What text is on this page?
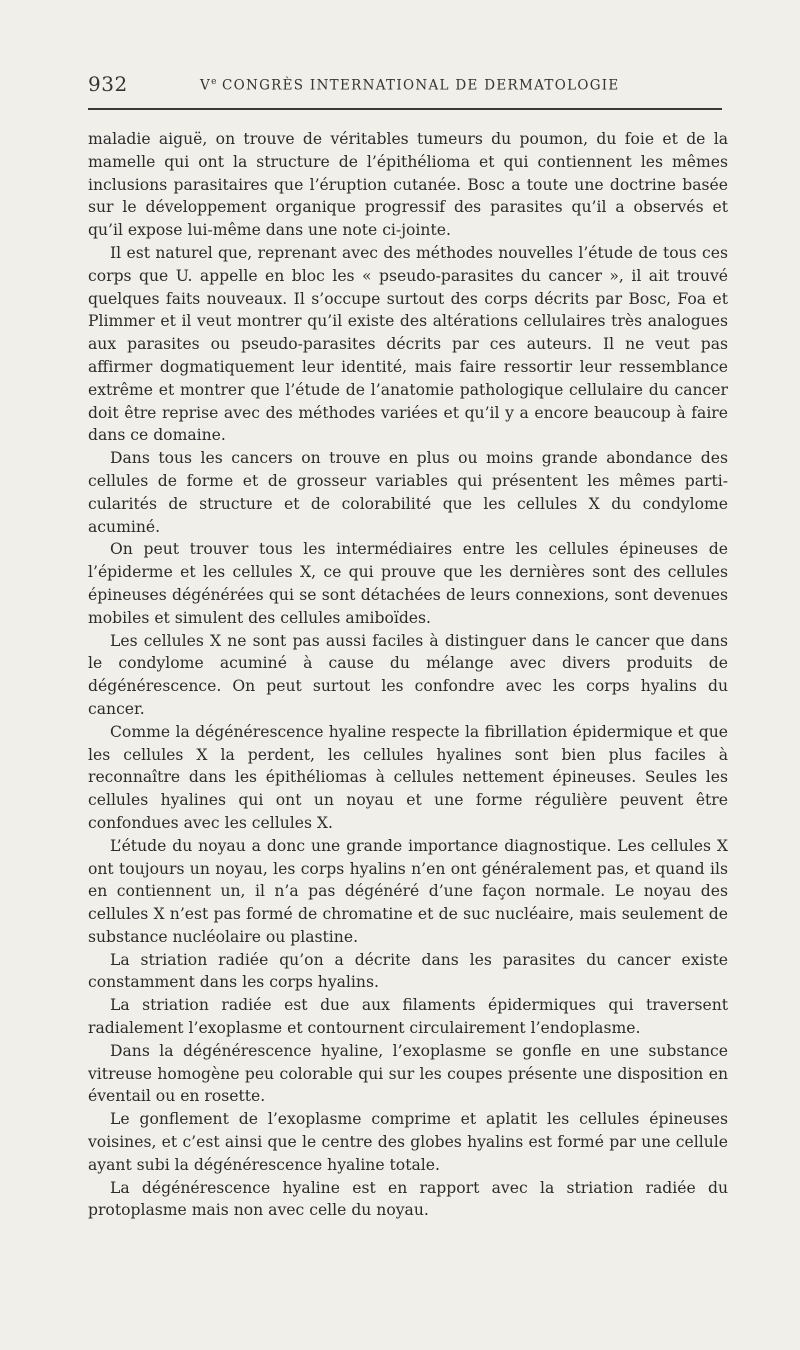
932	Ve CONGRÈS INTERNATIONAL DE DERMATOLOGIE

maladie aiguë, on trouve de véritables tumeurs du poumon, du foie et de la mamelle qui ont la structure de l’épithélioma et qui contiennent les mêmes inclusions parasitaires que l’éruption cutanée. Bosc a toute une doctrine basée sur le développement organique progressif des parasites qu’il a observés et qu’il expose lui-même dans une note ci-jointe.

Il est naturel que, reprenant avec des méthodes nouvelles l’étude de tous ces corps que U. appelle en bloc les « pseudo-parasites du cancer », il ait trouvé quelques faits nouveaux. Il s’occupe surtout des corps décrits par Bosc, Foa et Plimmer et il veut montrer qu’il existe des altérations cellulaires très analogues aux parasites ou pseudo-parasites décrits par ces auteurs. Il ne veut pas affirmer dogmatiquement leur identité, mais faire ressortir leur ressemblance extrême et montrer que l’étude de l’anatomie pathologique cellulaire du cancer doit être reprise avec des méthodes variées et qu’il y a encore beaucoup à faire dans ce domaine.

Dans tous les cancers on trouve en plus ou moins grande abondance des cellules de forme et de grosseur variables qui présentent les mêmes particularités de structure et de colorabilité que les cellules X du condylome acuminé.

On peut trouver tous les intermédiaires entre les cellules épineuses de l’épiderme et les cellules X, ce qui prouve que les dernières sont des cellules épineuses dégénérées qui se sont détachées de leurs connexions, sont devenues mobiles et simulent des cellules amiboïdes.

Les cellules X ne sont pas aussi faciles à distinguer dans le cancer que dans le condylome acuminé à cause du mélange avec divers produits de dégénérescence. On peut surtout les confondre avec les corps hyalins du cancer.

Comme la dégénérescence hyaline respecte la fibrillation épidermique et que les cellules X la perdent, les cellules hyalines sont bien plus faciles à reconnaître dans les épithéliomas à cellules nettement épineuses. Seules les cellules hyalines qui ont un noyau et une forme régulière peuvent être confondues avec les cellules X.

L’étude du noyau a donc une grande importance diagnostique. Les cellules X ont toujours un noyau, les corps hyalins n’en ont généralement pas, et quand ils en contiennent un, il n’a pas dégénéré d’une façon normale. Le noyau des cellules X n’est pas formé de chromatine et de suc nucléaire, mais seulement de substance nucléolaire ou plastine.

La striation radiée qu’on a décrite dans les parasites du cancer existe constamment dans les corps hyalins.

La striation radiée est due aux filaments épidermiques qui traversent radialement l’exoplasme et contournent circulairement l’endoplasme.

Dans la dégénérescence hyaline, l’exoplasme se gonfle en une substance vitreuse homogène peu colorable qui sur les coupes présente une disposition en éventail ou en rosette.

Le gonflement de l’exoplasme comprime et aplatit les cellules épineuses voisines, et c’est ainsi que le centre des globes hyalins est formé par une cellule ayant subi la dégénérescence hyaline totale.

La dégénérescence hyaline est en rapport avec la striation radiée du protoplasme mais non avec celle du noyau.
